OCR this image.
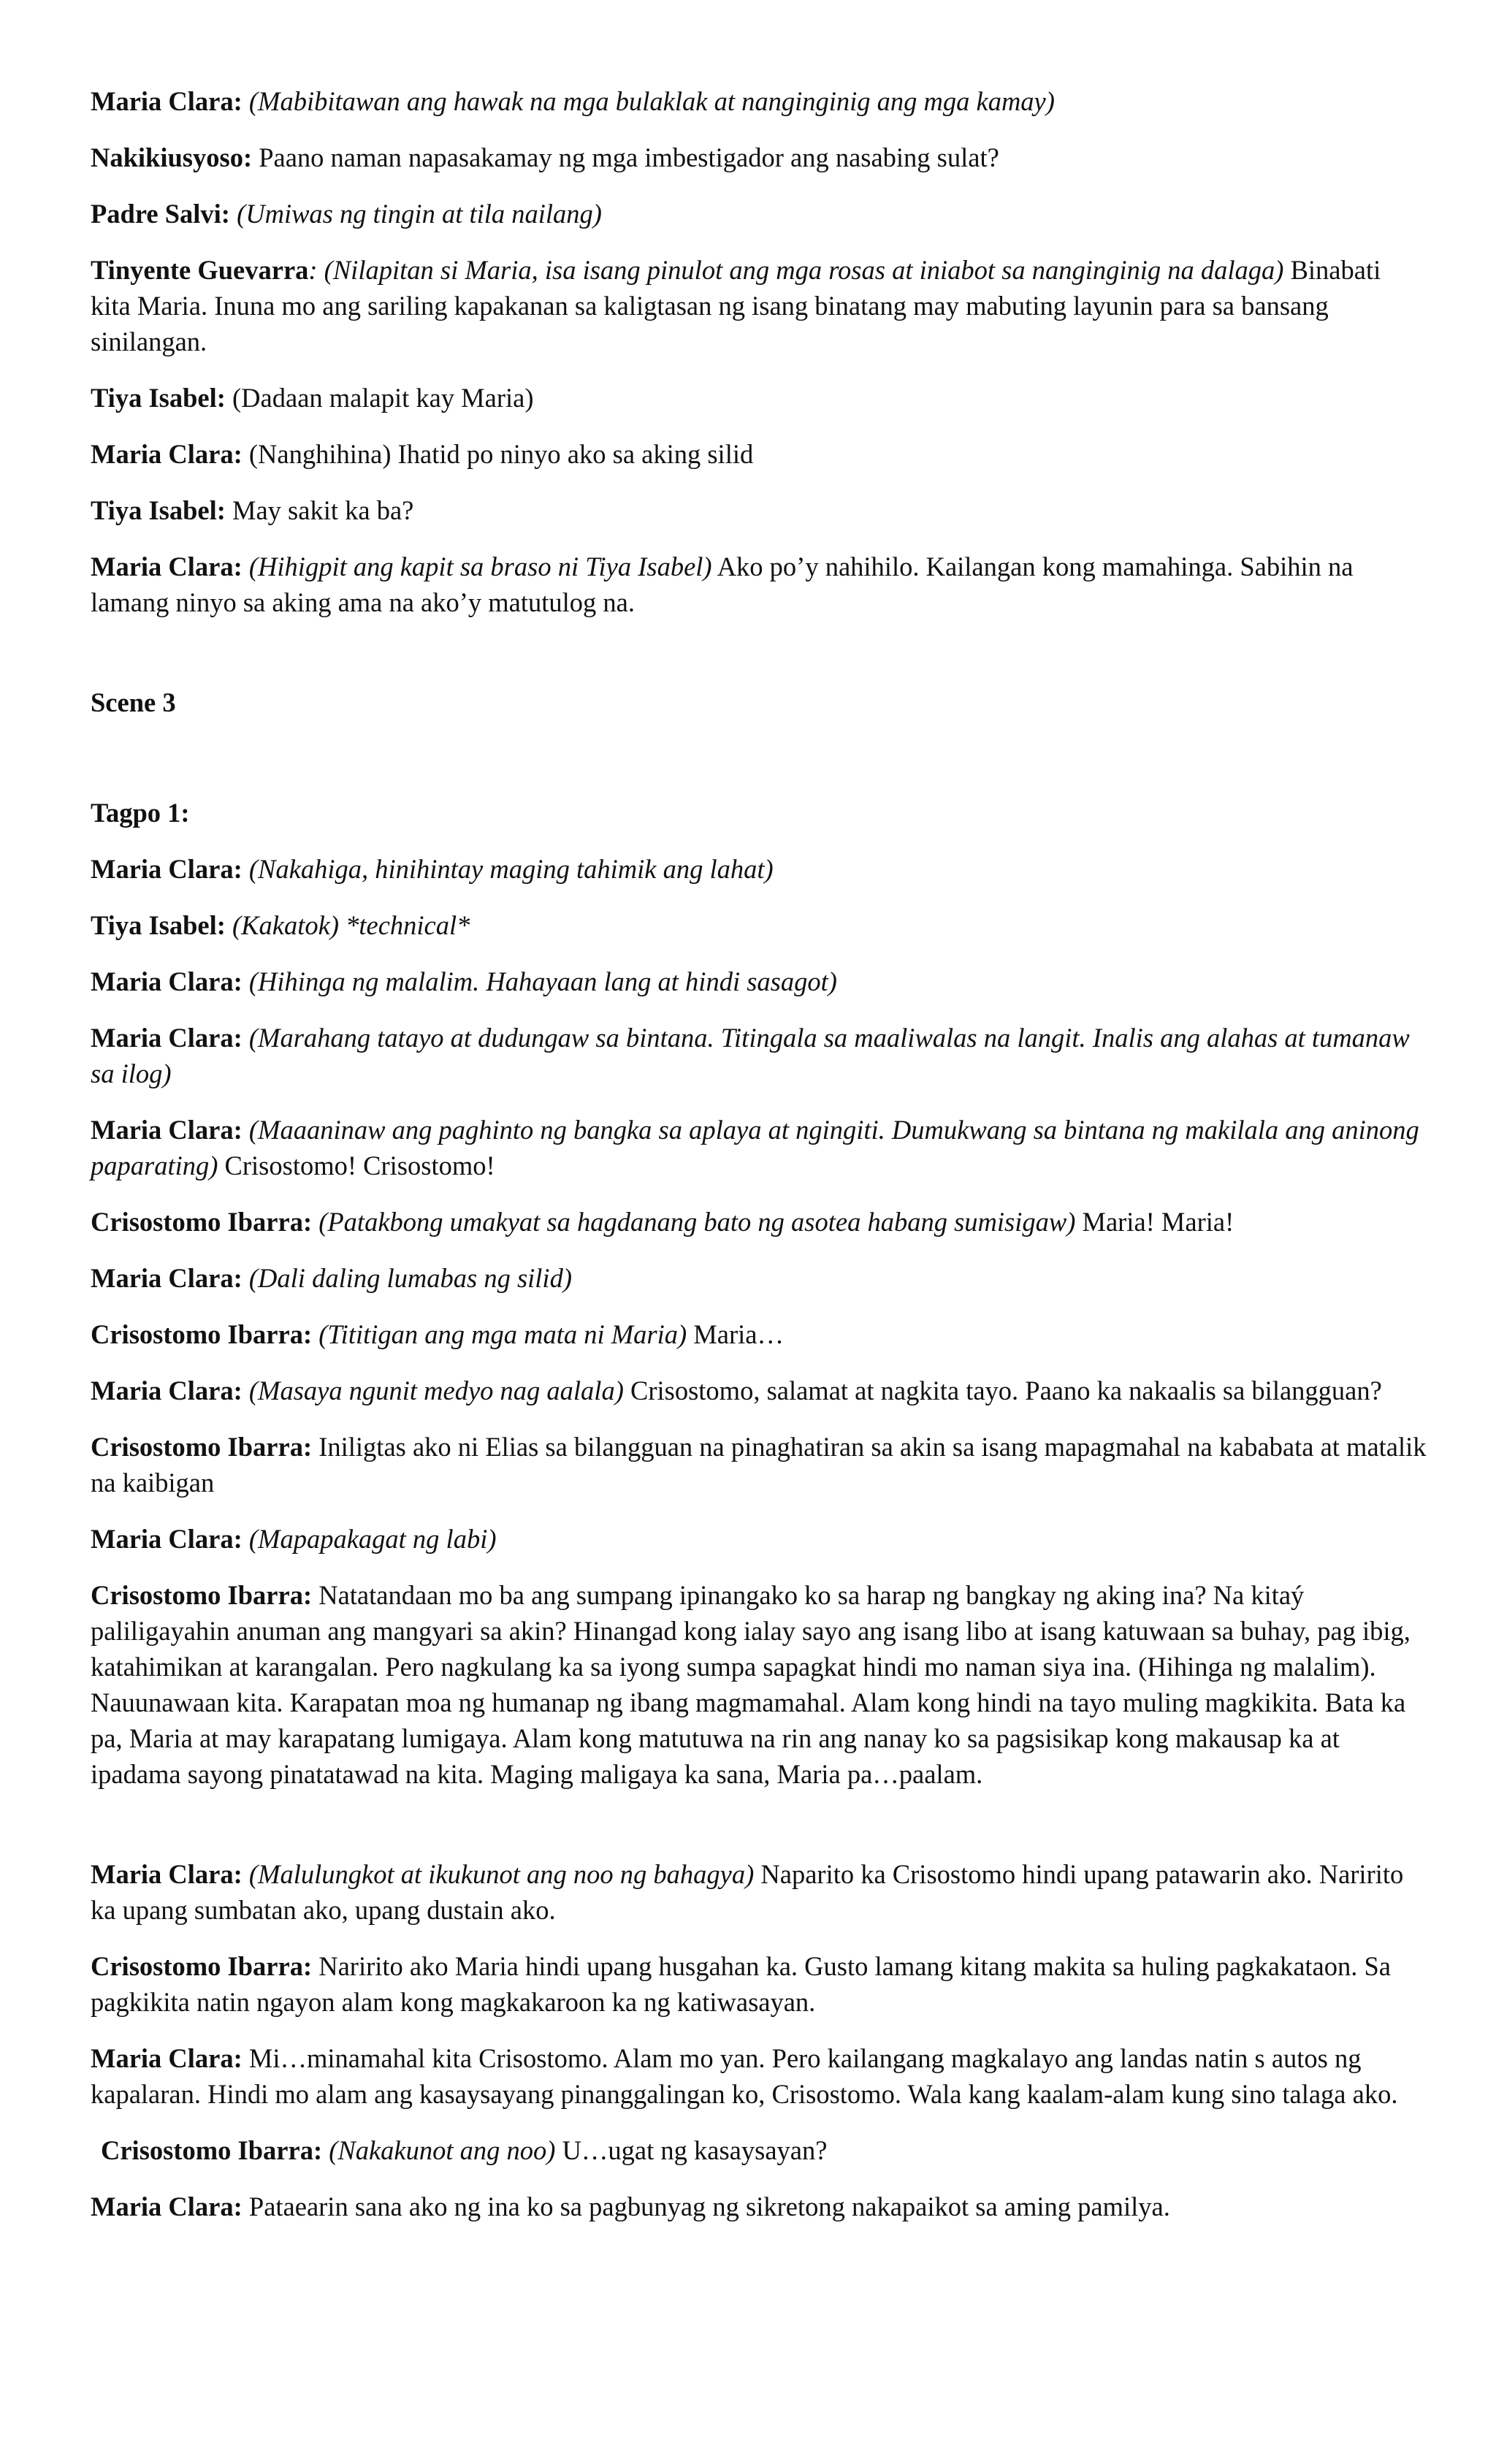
Maria Clara: (Mabibitawan ang hawak na mga bulaklak at nanginginig ang mga kamay)

Nakikiusyoso: Paano naman napasakamay ng mga imbestigador ang nasabing sulat?

Padre Salvi: (Umiwas ng tingin at tila nailang)

Tinyente Guevarra: (Nilapitan si Maria, isa isang pinulot ang mga rosas at iniabot sa nanginginig na dalaga) Binabati kita Maria. Inuna mo ang sariling kapakanan sa kaligtasan ng isang binatang may mabuting layunin para sa bansang sinilangan.

Tiya Isabel: (Dadaan malapit kay Maria)

Maria Clara: (Nanghihina) Ihatid po ninyo ako sa aking silid

Tiya Isabel: May sakit ka ba?

Maria Clara: (Hihigpit ang kapit sa braso ni Tiya Isabel) Ako po’y nahihilo. Kailangan kong mamahinga. Sabihin na lamang ninyo sa aking ama na ako’y matutulog na.

Scene 3

Tagpo 1:

Maria Clara: (Nakahiga, hinihintay maging tahimik ang lahat)

Tiya Isabel: (Kakatok) *technical*

Maria Clara: (Hihinga ng malalim. Hahayaan lang at hindi sasagot)

Maria Clara: (Marahang tatayo at dudungaw sa bintana. Titingala sa maaliwalas na langit. Inalis ang alahas at tumanaw sa ilog)

Maria Clara: (Maaaninaw ang paghinto ng bangka sa aplaya at ngingiti. Dumukwang sa bintana ng makilala ang aninong paparating) Crisostomo! Crisostomo!

Crisostomo Ibarra: (Patakbong umakyat sa hagdanang bato ng asotea habang sumisigaw) Maria! Maria!

Maria Clara: (Dali daling lumabas ng silid)

Crisostomo Ibarra: (Tititigan ang mga mata ni Maria) Maria…

Maria Clara: (Masaya ngunit medyo nag aalala) Crisostomo, salamat at nagkita tayo. Paano ka nakaalis sa bilangguan?

Crisostomo Ibarra: Iniligtas ako ni Elias sa bilangguan na pinaghatiran sa akin sa isang mapagmahal na kababata at matalik na kaibigan

Maria Clara: (Mapapakagat ng labi)

Crisostomo Ibarra: Natatandaan mo ba ang sumpang ipinangako ko sa harap ng bangkay ng aking ina? Na kitaý paliligayahin anuman ang mangyari sa akin? Hinangad kong ialay sayo ang isang libo at isang katuwaan sa buhay, pag ibig, katahimikan at karangalan. Pero nagkulang ka sa iyong sumpa sapagkat hindi mo naman siya ina. (Hihinga ng malalim). Nauunawaan kita. Karapatan moa ng humanap ng ibang magmamahal. Alam kong hindi na tayo muling magkikita. Bata ka pa, Maria at may karapatang lumigaya. Alam kong matutuwa na rin ang nanay ko sa pagsisikap kong makausap ka at ipadama sayong pinatatawad na kita. Maging maligaya ka sana, Maria pa…paalam.

Maria Clara: (Malulungkot at ikukunot ang noo ng bahagya) Naparito ka Crisostomo hindi upang patawarin ako. Naririto ka upang sumbatan ako, upang dustain ako.

Crisostomo Ibarra: Naririto ako Maria hindi upang husgahan ka. Gusto lamang kitang makita sa huling pagkakataon. Sa pagkikita natin ngayon alam kong magkakaroon ka ng katiwasayan.

Maria Clara: Mi…minamahal kita Crisostomo. Alam mo yan. Pero kailangang magkalayo ang landas natin s autos ng kapalaran. Hindi mo alam ang kasaysayang pinanggalingan ko, Crisostomo. Wala kang kaalam-alam kung sino talaga ako.

Crisostomo Ibarra: (Nakakunot ang noo) U…ugat ng kasaysayan?

Maria Clara: Pataearin sana ako ng ina ko sa pagbunyag ng sikretong nakapaikot sa aming pamilya.
